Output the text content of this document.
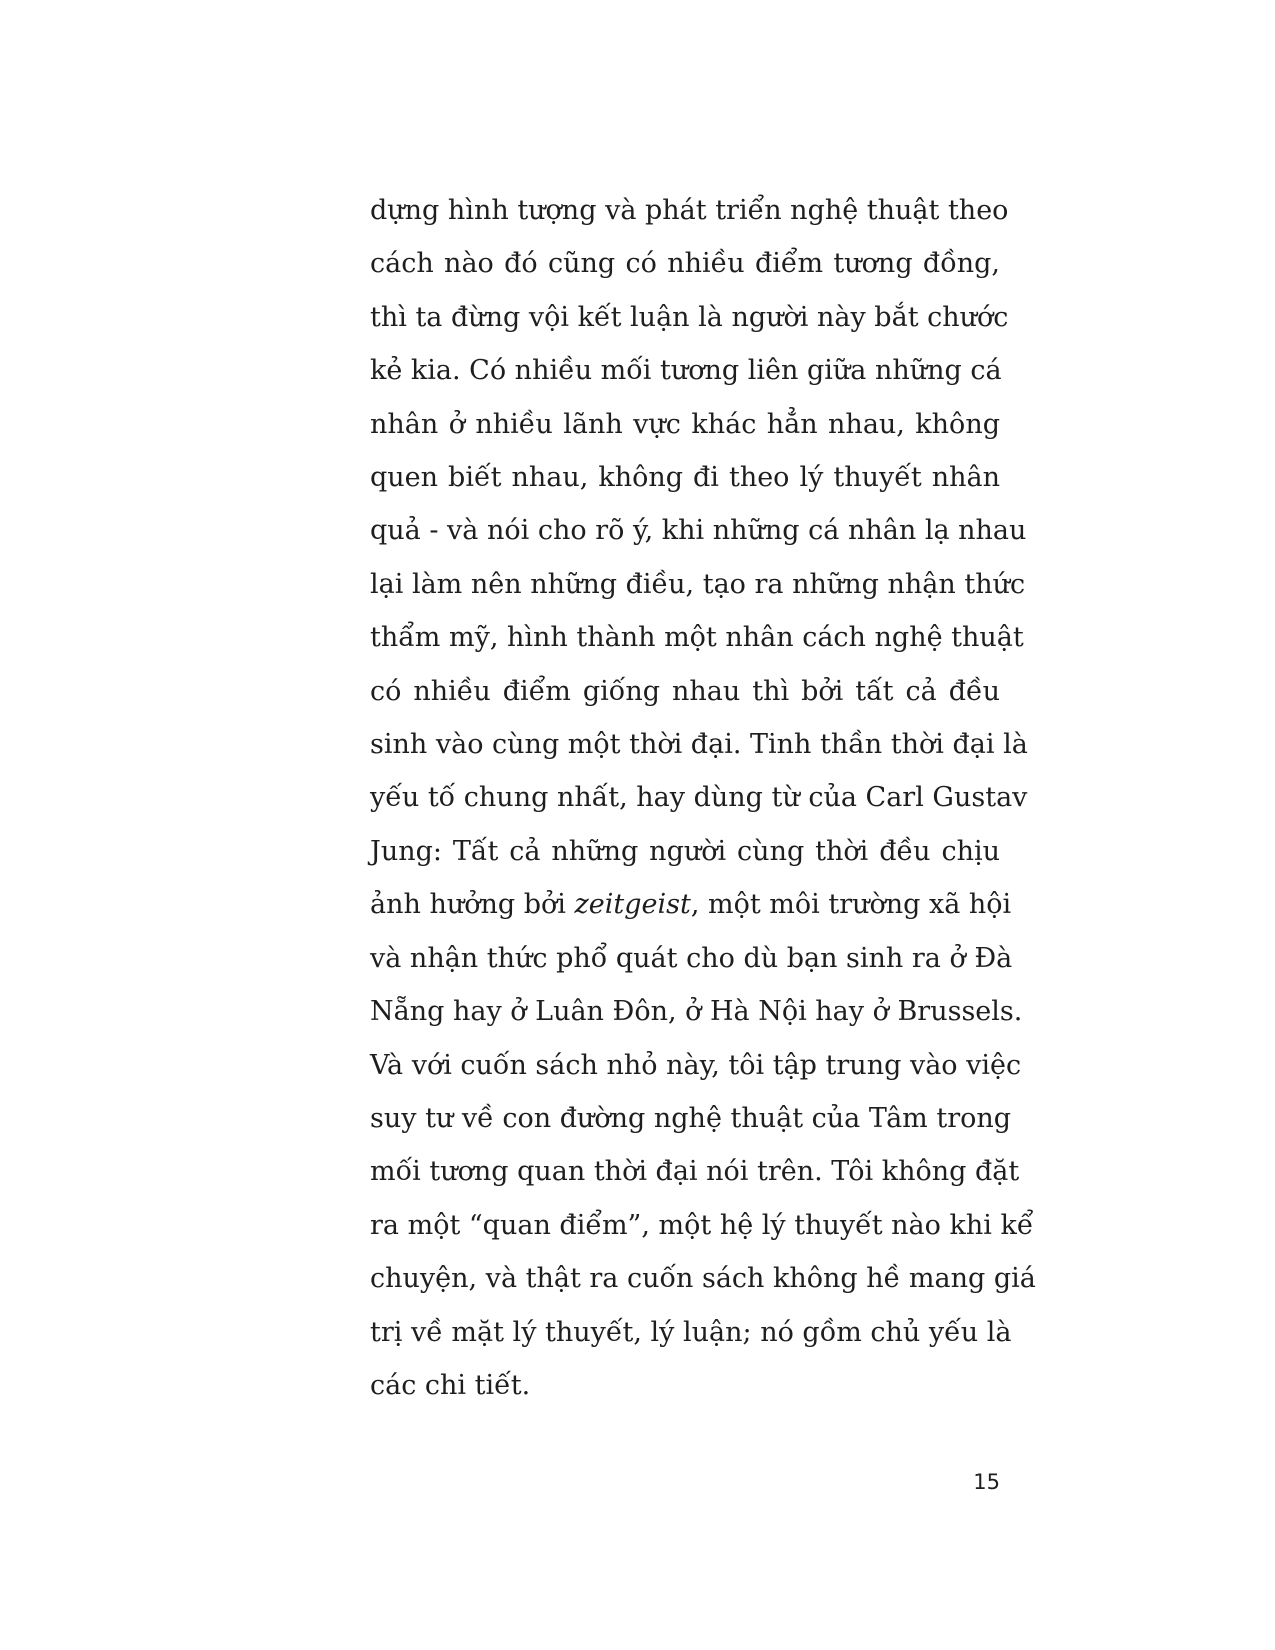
dựng hình tượng và phát triển nghệ thuật theo
cách nào đó cũng có nhiều điểm tương đồng,
thì ta đừng vội kết luận là người này bắt chước
kẻ kia. Có nhiều mối tương liên giữa những cá
nhân ở nhiều lãnh vực khác hẳn nhau, không
quen biết nhau, không đi theo lý thuyết nhân
quả - và nói cho rõ ý, khi những cá nhân lạ nhau
lại làm nên những điều, tạo ra những nhận thức
thẩm mỹ, hình thành một nhân cách nghệ thuật
có nhiều điểm giống nhau thì bởi tất cả đều
sinh vào cùng một thời đại. Tinh thần thời đại là
yếu tố chung nhất, hay dùng từ của Carl Gustav
Jung: Tất cả những người cùng thời đều chịu
ảnh hưởng bởi zeitgeist, một môi trường xã hội
và nhận thức phổ quát cho dù bạn sinh ra ở Đà
Nẵng hay ở Luân Đôn, ở Hà Nội hay ở Brussels.
Và với cuốn sách nhỏ này, tôi tập trung vào việc
suy tư về con đường nghệ thuật của Tâm trong
mối tương quan thời đại nói trên. Tôi không đặt
ra một “quan điểm”, một hệ lý thuyết nào khi kể
chuyện, và thật ra cuốn sách không hề mang giá
trị về mặt lý thuyết, lý luận; nó gồm chủ yếu là
các chi tiết.
15
